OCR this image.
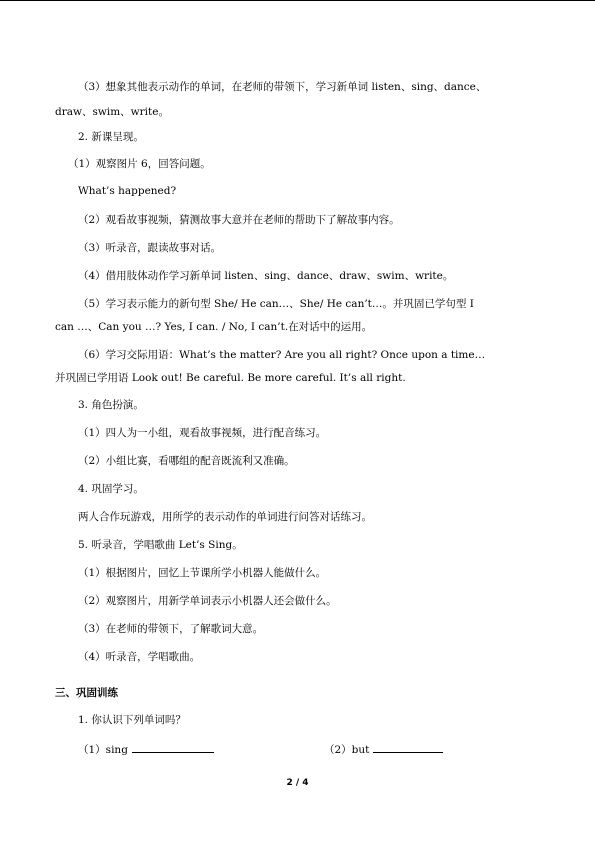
（3）想象其他表示动作的单词，在老师的带领下，学习新单词 listen、sing、dance、
draw、swim、write。
2. 新课呈现。
（1）观察图片 6，回答问题。
What’s happened?
（2）观看故事视频，猜测故事大意并在老师的帮助下了解故事内容。
（3）听录音，跟读故事对话。
（4）借用肢体动作学习新单词 listen、sing、dance、draw、swim、write。
（5）学习表示能力的新句型 She/ He can…、She/ He can’t…。并巩固已学句型 I
can …、Can you …? Yes, I can. / No, I can’t.在对话中的运用。
（6）学习交际用语：What’s the matter? Are you all right? Once upon a time…
并巩固已学用语 Look out! Be careful. Be more careful. It’s all right.
3. 角色扮演。
（1）四人为一小组，观看故事视频，进行配音练习。
（2）小组比赛，看哪组的配音既流利又准确。
4. 巩固学习。
两人合作玩游戏，用所学的表示动作的单词进行问答对话练习。
5. 听录音，学唱歌曲 Let’s Sing。
（1）根据图片，回忆上节课所学小机器人能做什么。
（2）观察图片，用新学单词表示小机器人还会做什么。
（3）在老师的带领下，了解歌词大意。
（4）听录音，学唱歌曲。
三、巩固训练
1. 你认识下列单词吗？
（1）sing	（2）but
2 / 4
